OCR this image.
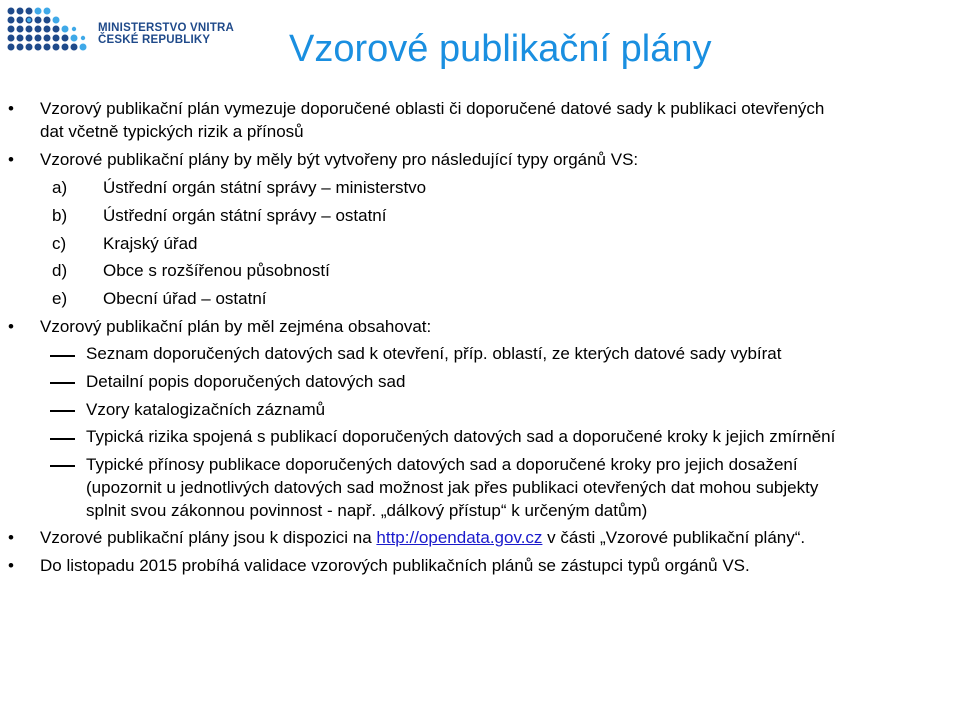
MINISTERSTVO VNITRA
ČESKÉ REPUBLIKY	Vzorové publikační plány
• Vzorový publikační plán vymezuje doporučené oblasti či doporučené datové sady k publikaci otevřených
dat včetně typických rizik a přínosů
• Vzorové publikační plány by měly být vytvořeny pro následující typy orgánů VS:
a) Ústřední orgán státní správy – ministerstvo
b) Ústřední orgán státní správy – ostatní
c) Krajský úřad
d) Obce s rozšířenou působností
e) Obecní úřad – ostatní
• Vzorový publikační plán by měl zejména obsahovat:
Seznam doporučených datových sad k otevření, příp. oblastí, ze kterých datové sady vybírat
Detailní popis doporučených datových sad
Vzory katalogizačních záznamů
Typická rizika spojená s publikací doporučených datových sad a doporučené kroky k jejich zmírnění
Typické přínosy publikace doporučených datových sad a doporučené kroky pro jejich dosažení
(upozornit u jednotlivých datových sad možnost jak přes publikaci otevřených dat mohou subjekty
splnit svou zákonnou povinnost - např. „dálkový přístup“ k určeným datům)
• Vzorové publikační plány jsou k dispozici na http://opendata.gov.cz v části „Vzorové publikační plány“.
• Do listopadu 2015 probíhá validace vzorových publikačních plánů se zástupci typů orgánů VS.
